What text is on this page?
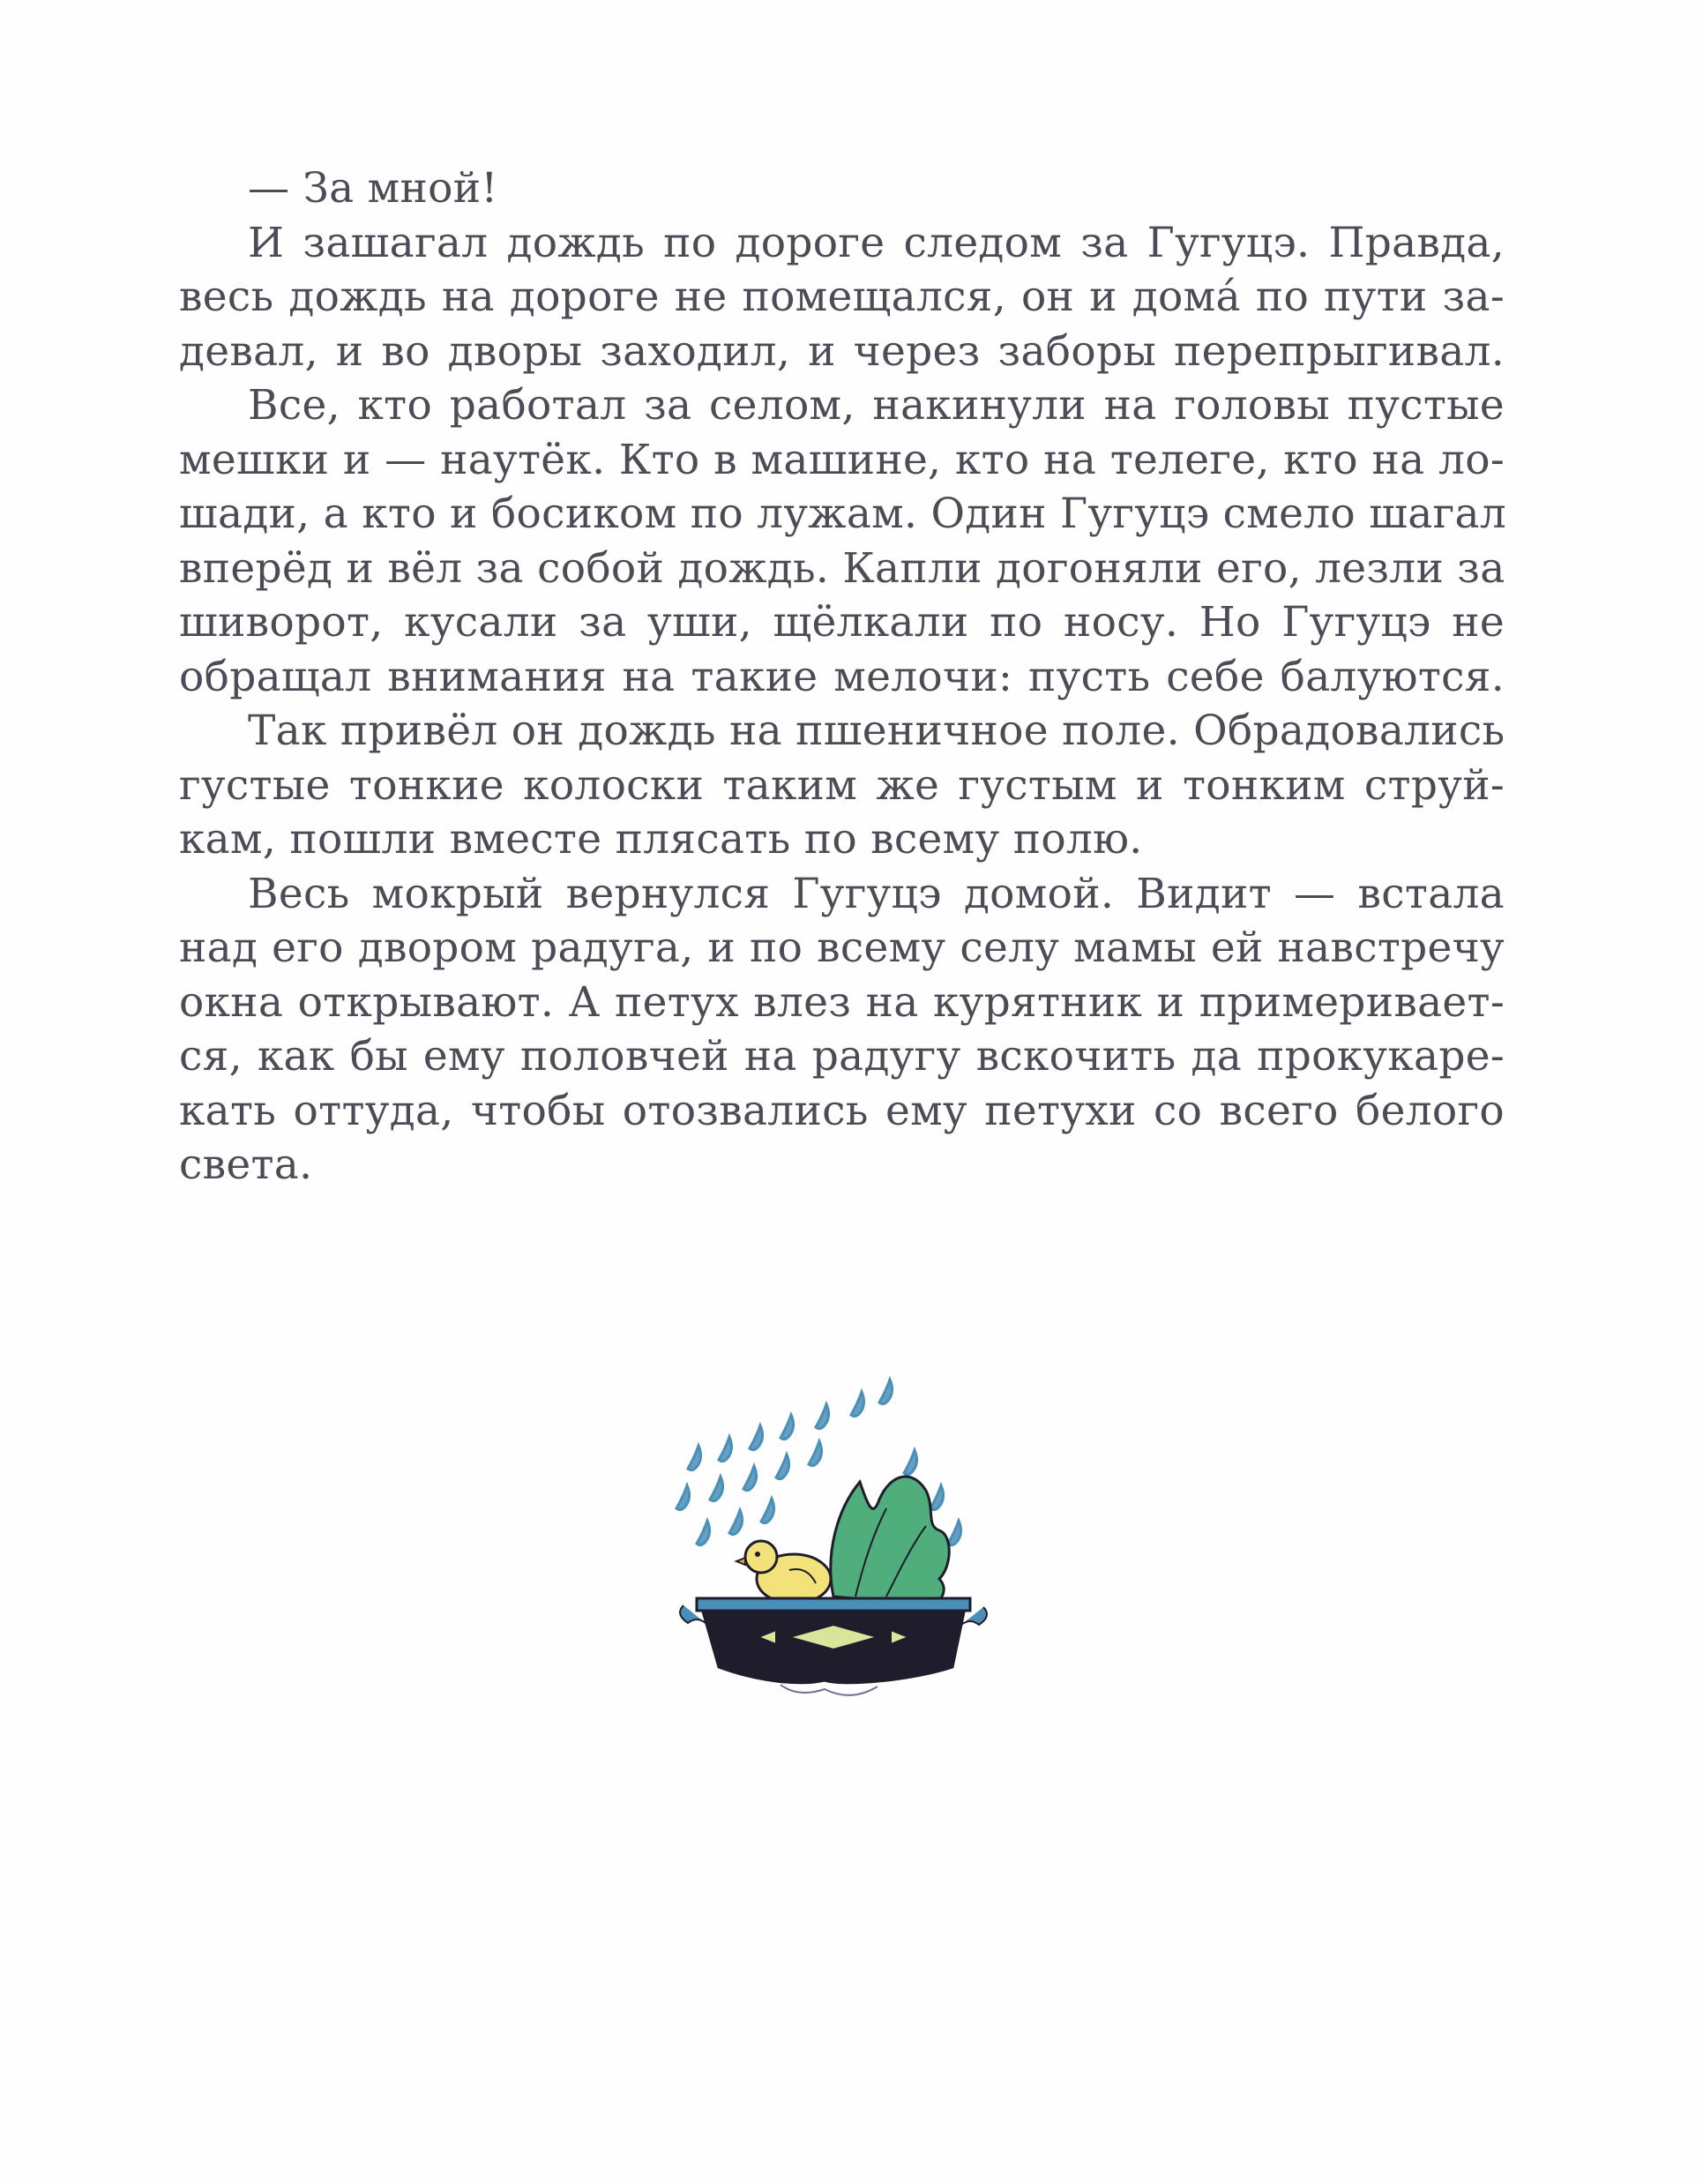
— За мной!
И зашагал дождь по дороге следом за Гугуцэ. Правда,
весь дождь на дороге не помещался, он и дома́ по пути за-
девал, и во дворы заходил, и через заборы перепрыгивал.
Все, кто работал за селом, накинули на головы пустые
мешки и — наутёк. Кто в машине, кто на телеге, кто на ло-
шади, а кто и босиком по лужам. Один Гугуцэ смело шагал
вперёд и вёл за собой дождь. Капли догоняли его, лезли за
шиворот, кусали за уши, щёлкали по носу. Но Гугуцэ не
обращал внимания на такие мелочи: пусть себе балуются.
Так привёл он дождь на пшеничное поле. Обрадовались
густые тонкие колоски таким же густым и тонким струй-
кам, пошли вместе плясать по всему полю.
Весь мокрый вернулся Гугуцэ домой. Видит — встала
над его двором радуга, и по всему селу мамы ей навстречу
окна открывают. А петух влез на курятник и примеривает-
ся, как бы ему половчей на радугу вскочить да прокукаре-
кать оттуда, чтобы отозвались ему петухи со всего белого
света.
